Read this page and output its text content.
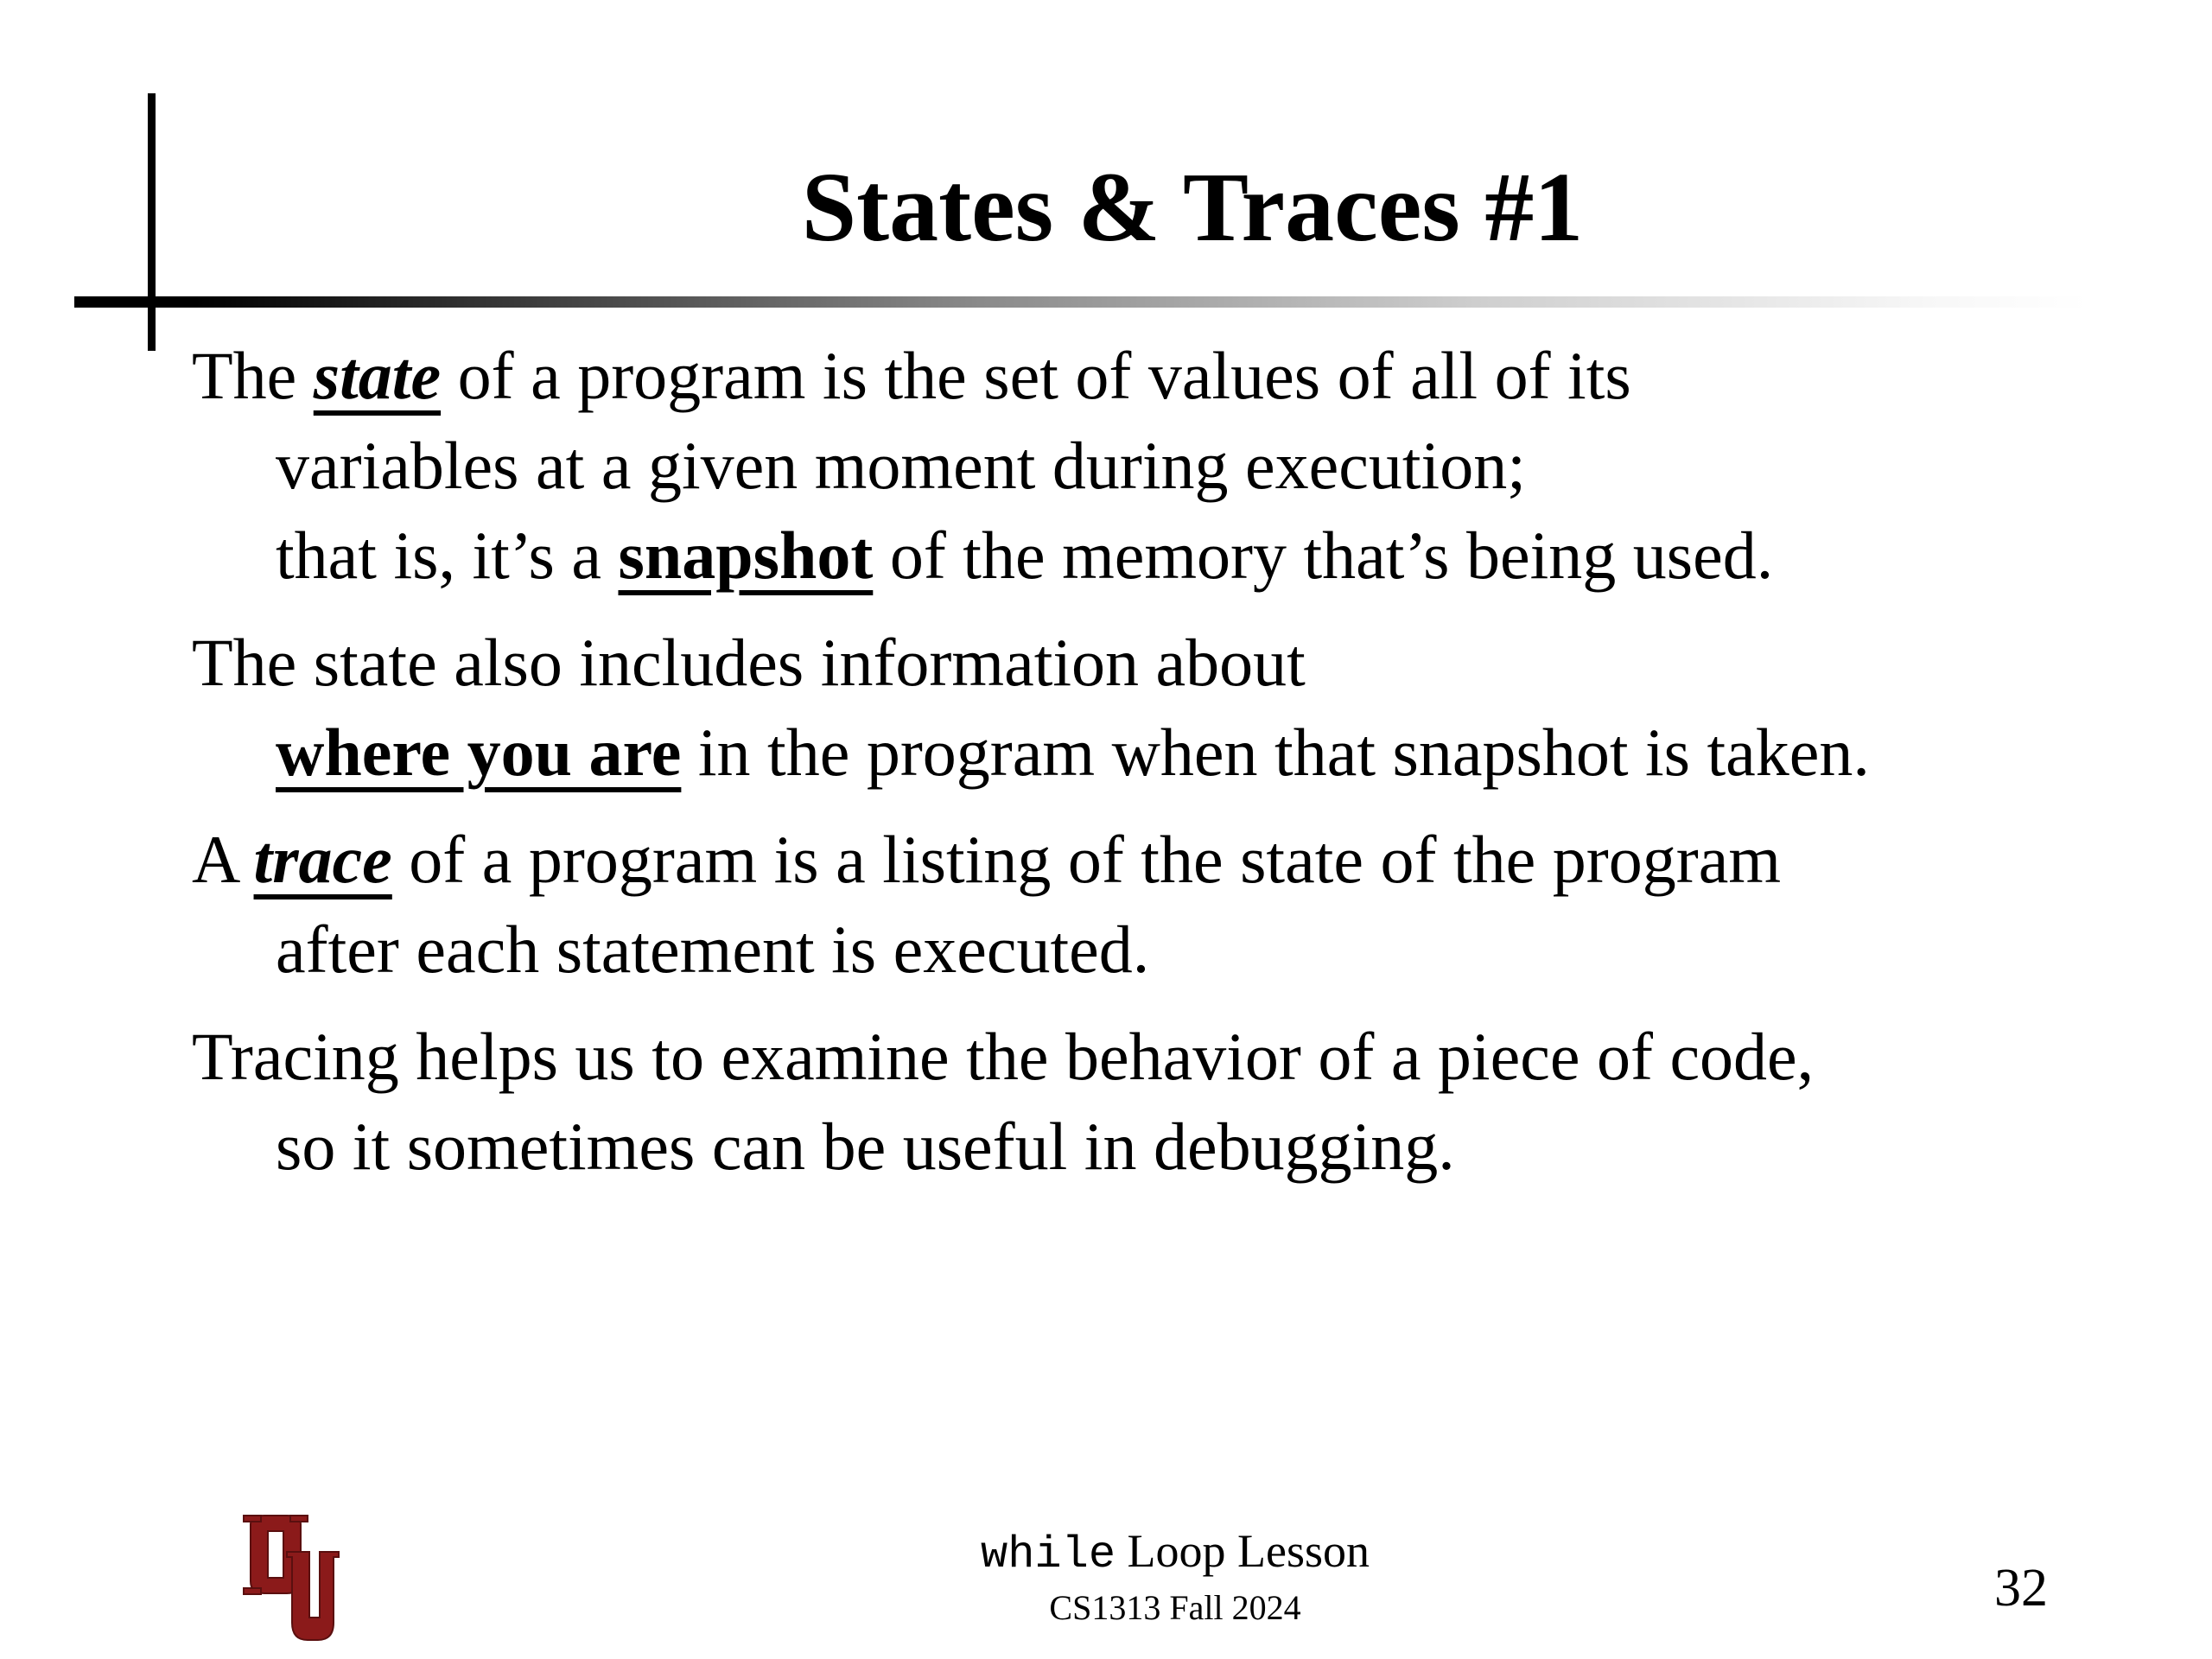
States & Traces #1

The state of a program is the set of values of all of its
variables at a given moment during execution;
that is, it’s a snapshot of the memory that’s being used.

The state also includes information about
where you are in the program when that snapshot is taken.

A trace of a program is a listing of the state of the program
after each statement is executed.

Tracing helps us to examine the behavior of a piece of code,
so it sometimes can be useful in debugging.

while Loop Lesson
CS1313 Fall 2024	32
